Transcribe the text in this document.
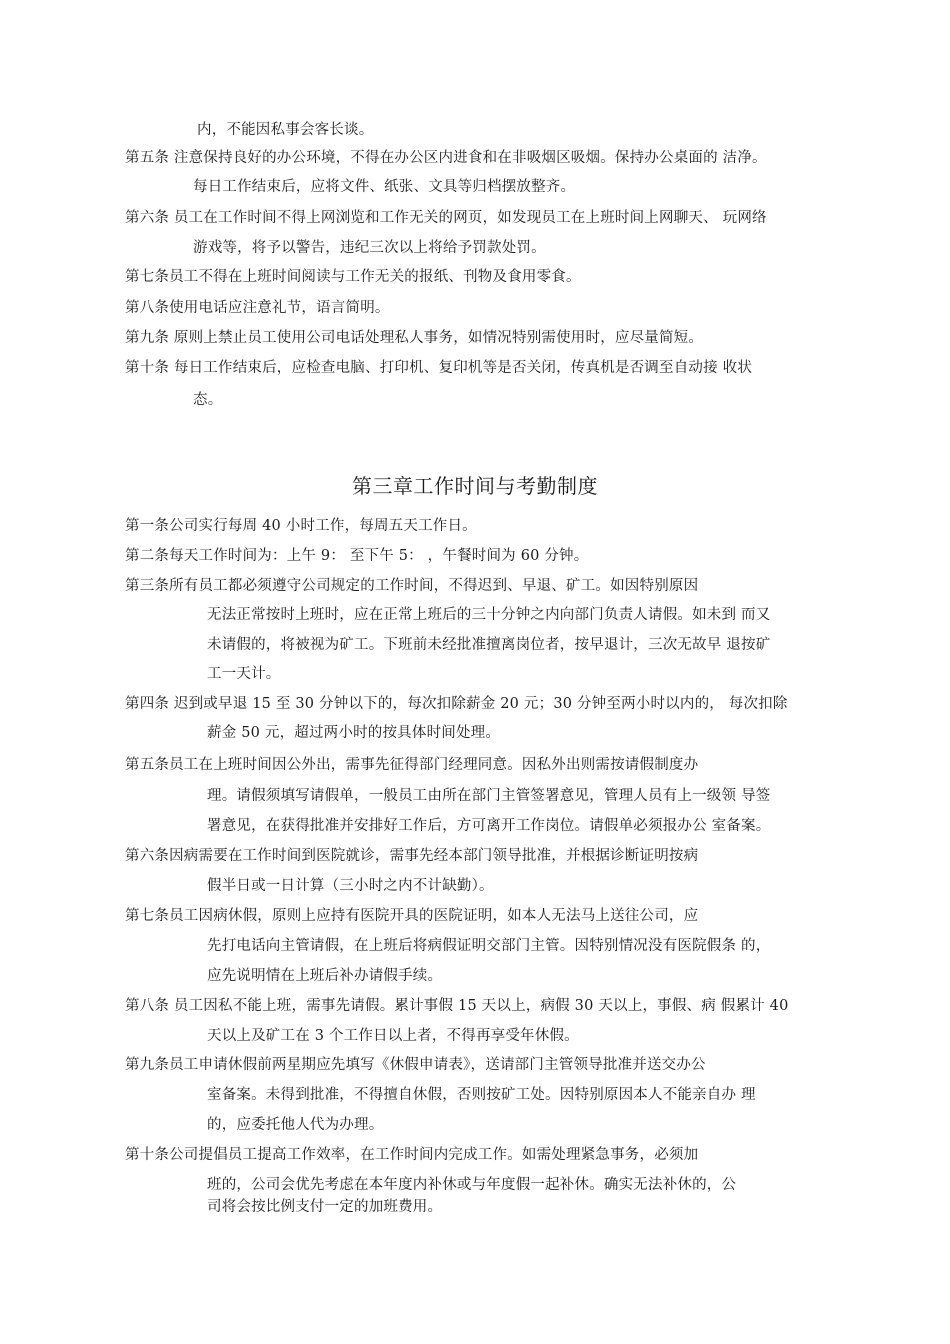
内，不能因私事会客长谈。
第五条 注意保持良好的办公环境，不得在办公区内进食和在非吸烟区吸烟。保持办公桌面的 洁净。
每日工作结束后，应将文件、纸张、文具等归档摆放整齐。
第六条 员工在工作时间不得上网浏览和工作无关的网页，如发现员工在上班时间上网聊天、 玩网络
游戏等，将予以警告，违纪三次以上将给予罚款处罚。
第七条员工不得在上班时间阅读与工作无关的报纸、刊物及食用零食。
第八条使用电话应注意礼节，语言简明。
第九条 原则上禁止员工使用公司电话处理私人事务，如情况特别需使用时，应尽量简短。
第十条 每日工作结束后，应检查电脑、打印机、复印机等是否关闭，传真机是否调至自动接 收状
态。
第三章工作时间与考勤制度
第一条公司实行每周 40 小时工作，每周五天工作日。
第二条每天工作时间为：上午 9： 至下午 5： ，午餐时间为 60 分钟。
第三条所有员工都必须遵守公司规定的工作时间，不得迟到、早退、矿工。如因特别原因
无法正常按时上班时，应在正常上班后的三十分钟之内向部门负责人请假。如未到 而又
未请假的，将被视为矿工。下班前未经批准擅离岗位者，按早退计，三次无故早 退按矿
工一天计。
第四条 迟到或早退 15 至 30 分钟以下的，每次扣除薪金 20 元；30 分钟至两小时以内的， 每次扣除
薪金 50 元，超过两小时的按具体时间处理。
第五条员工在上班时间因公外出，需事先征得部门经理同意。因私外出则需按请假制度办
理。请假须填写请假单，一般员工由所在部门主管签署意见，管理人员有上一级领 导签
署意见，在获得批准并安排好工作后，方可离开工作岗位。请假单必须报办公 室备案。
第六条因病需要在工作时间到医院就诊，需事先经本部门领导批准，并根据诊断证明按病
假半日或一日计算（三小时之内不计缺勤）。
第七条员工因病休假，原则上应持有医院开具的医院证明，如本人无法马上送往公司，应
先打电话向主管请假，在上班后将病假证明交部门主管。因特别情况没有医院假条 的，
应先说明情在上班后补办请假手续。
第八条 员工因私不能上班，需事先请假。累计事假 15 天以上，病假 30 天以上，事假、病 假累计 40
天以上及矿工在 3 个工作日以上者，不得再享受年休假。
第九条员工申请休假前两星期应先填写《休假申请表》，送请部门主管领导批准并送交办公
室备案。未得到批准，不得擅自休假，否则按矿工处。因特别原因本人不能亲自办 理
的，应委托他人代为办理。
第十条公司提倡员工提高工作效率，在工作时间内完成工作。如需处理紧急事务，必须加
班的，公司会优先考虑在本年度内补休或与年度假一起补休。确实无法补休的，公
司将会按比例支付一定的加班费用。
